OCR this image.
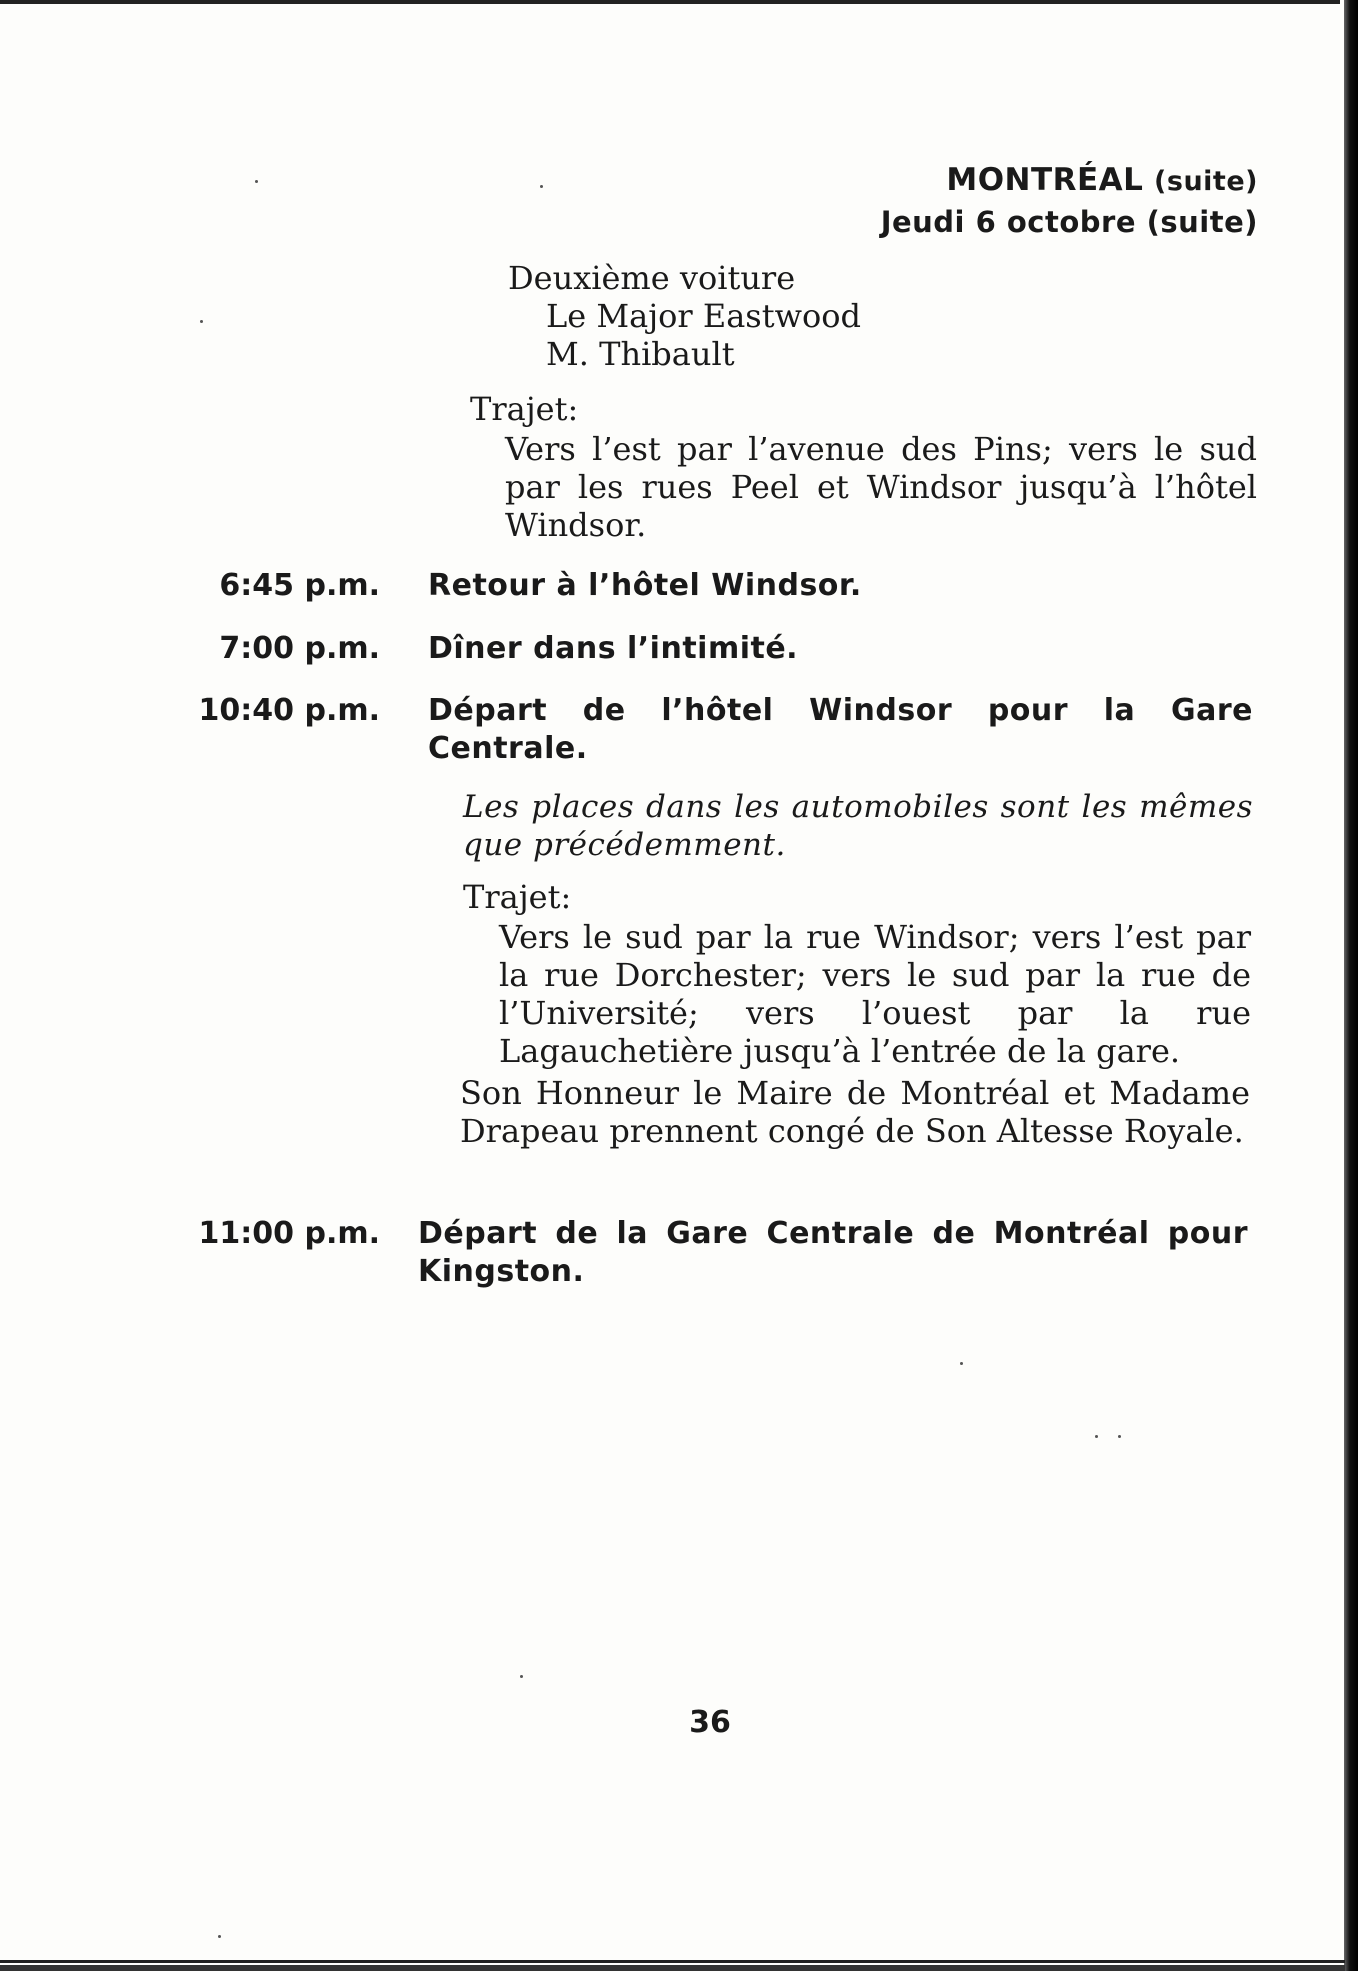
MONTRÉAL (suite)
Jeudi 6 octobre (suite)
Deuxième voiture
Le Major Eastwood
M. Thibault
Trajet:
Vers l’est par l’avenue des Pins; vers le sud par les rues Peel et Windsor jusqu’à l’hôtel Windsor.
6:45 p.m. Retour à l’hôtel Windsor.
7:00 p.m. Dîner dans l’intimité.
10:40 p.m. Départ de l’hôtel Windsor pour la Gare Centrale.
Les places dans les automobiles sont les mêmes que précédemment.
Trajet:
Vers le sud par la rue Windsor; vers l’est par la rue Dorchester; vers le sud par la rue de l’Université; vers l’ouest par la rue Lagauchetière jusqu’à l’entrée de la gare.
Son Honneur le Maire de Montréal et Madame Drapeau prennent congé de Son Altesse Royale.
11:00 p.m. Départ de la Gare Centrale de Montréal pour Kingston.
36
